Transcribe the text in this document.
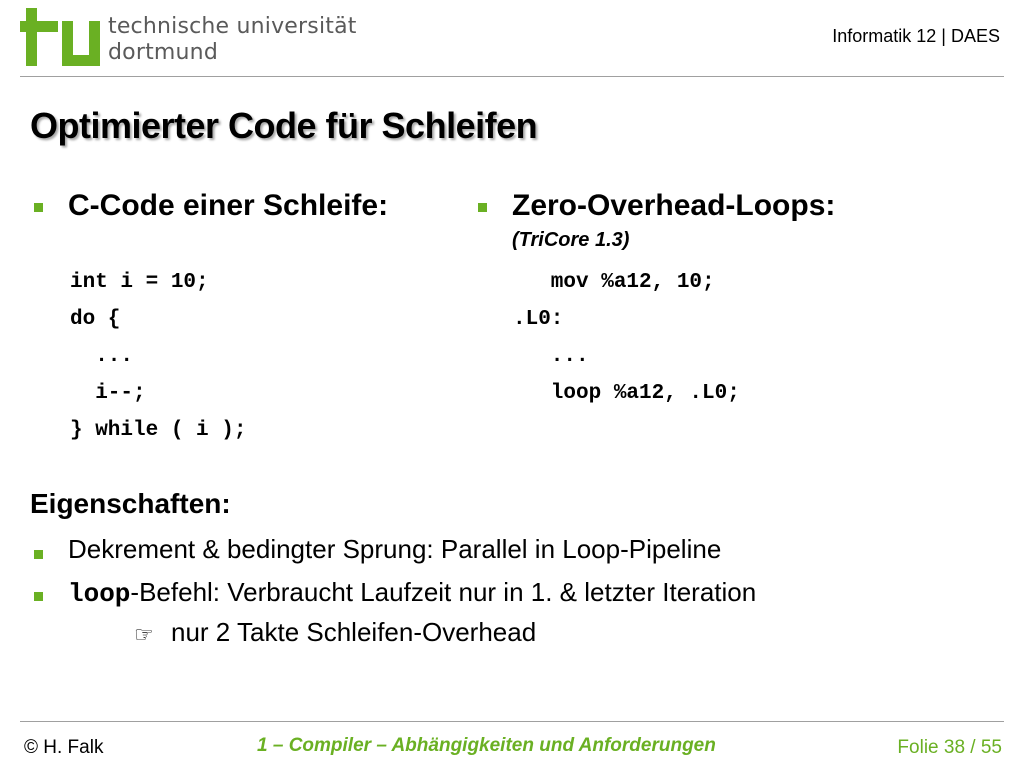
technische universität
dortmund
Informatik 12 | DAES
Optimierter Code für Schleifen
C-Code einer Schleife:
int i = 10;
do {
...
i--;
} while ( i );
Zero-Overhead-Loops:
(TriCore 1.3)
mov %a12, 10;
.L0:
...
loop %a12, .L0;
Eigenschaften:
Dekrement & bedingter Sprung: Parallel in Loop-Pipeline
loop-Befehl: Verbraucht Laufzeit nur in 1. & letzter Iteration
☞ nur 2 Takte Schleifen-Overhead
© H. Falk	1 – Compiler – Abhängigkeiten und Anforderungen	Folie 38 / 55
